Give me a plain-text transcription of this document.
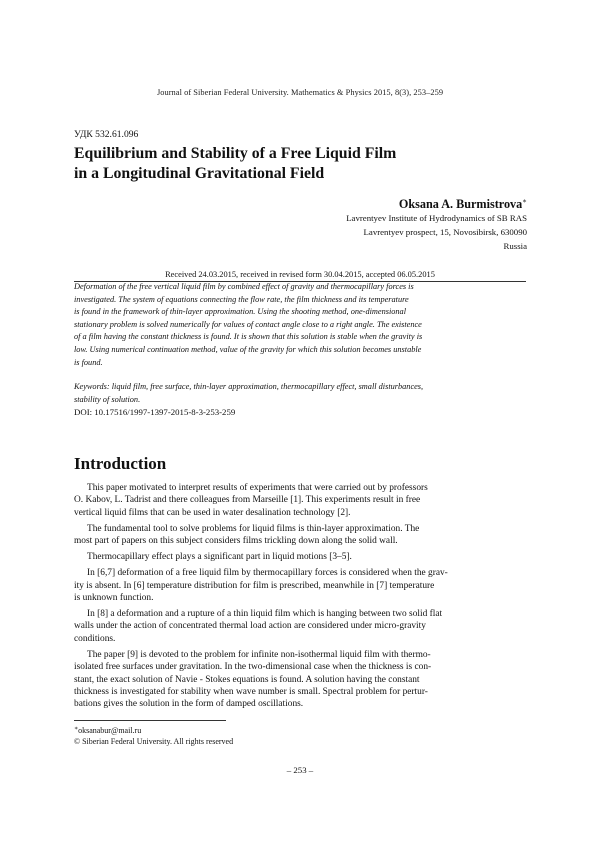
Journal of Siberian Federal University. Mathematics & Physics 2015, 8(3), 253–259
УДК 532.61.096
Equilibrium and Stability of a Free Liquid Film
in a Longitudinal Gravitational Field
Oksana A. Burmistrova∗
Lavrentyev Institute of Hydrodynamics of SB RAS
Lavrentyev prospect, 15, Novosibirsk, 630090
Russia
Received 24.03.2015, received in revised form 30.04.2015, accepted 06.05.2015
Deformation of the free vertical liquid film by combined effect of gravity and thermocapillary forces is
investigated. The system of equations connecting the flow rate, the film thickness and its temperature
is found in the framework of thin-layer approximation. Using the shooting method, one-dimensional
stationary problem is solved numerically for values of contact angle close to a right angle. The existence
of a film having the constant thickness is found. It is shown that this solution is stable when the gravity is
low. Using numerical continuation method, value of the gravity for which this solution becomes unstable
is found.
Keywords: liquid film, free surface, thin-layer approximation, thermocapillary effect, small disturbances,
stability of solution.
DOI: 10.17516/1997-1397-2015-8-3-253-259
Introduction
This paper motivated to interpret results of experiments that were carried out by professors
O. Kabov, L. Tadrist and there colleagues from Marseille [1]. This experiments result in free
vertical liquid films that can be used in water desalination technology [2].
The fundamental tool to solve problems for liquid films is thin-layer approximation. The
most part of papers on this subject considers films trickling down along the solid wall.
Thermocapillary effect plays a significant part in liquid motions [3–5].
In [6,7] deformation of a free liquid film by thermocapillary forces is considered when the grav-
ity is absent. In [6] temperature distribution for film is prescribed, meanwhile in [7] temperature
is unknown function.
In [8] a deformation and a rupture of a thin liquid film which is hanging between two solid flat
walls under the action of concentrated thermal load action are considered under micro-gravity
conditions.
The paper [9] is devoted to the problem for infinite non-isothermal liquid film with thermo-
isolated free surfaces under gravitation. In the two-dimensional case when the thickness is con-
stant, the exact solution of Navie - Stokes equations is found. A solution having the constant
thickness is investigated for stability when wave number is small. Spectral problem for pertur-
bations gives the solution in the form of damped oscillations.
∗oksanabur@mail.ru
© Siberian Federal University. All rights reserved
– 253 –
